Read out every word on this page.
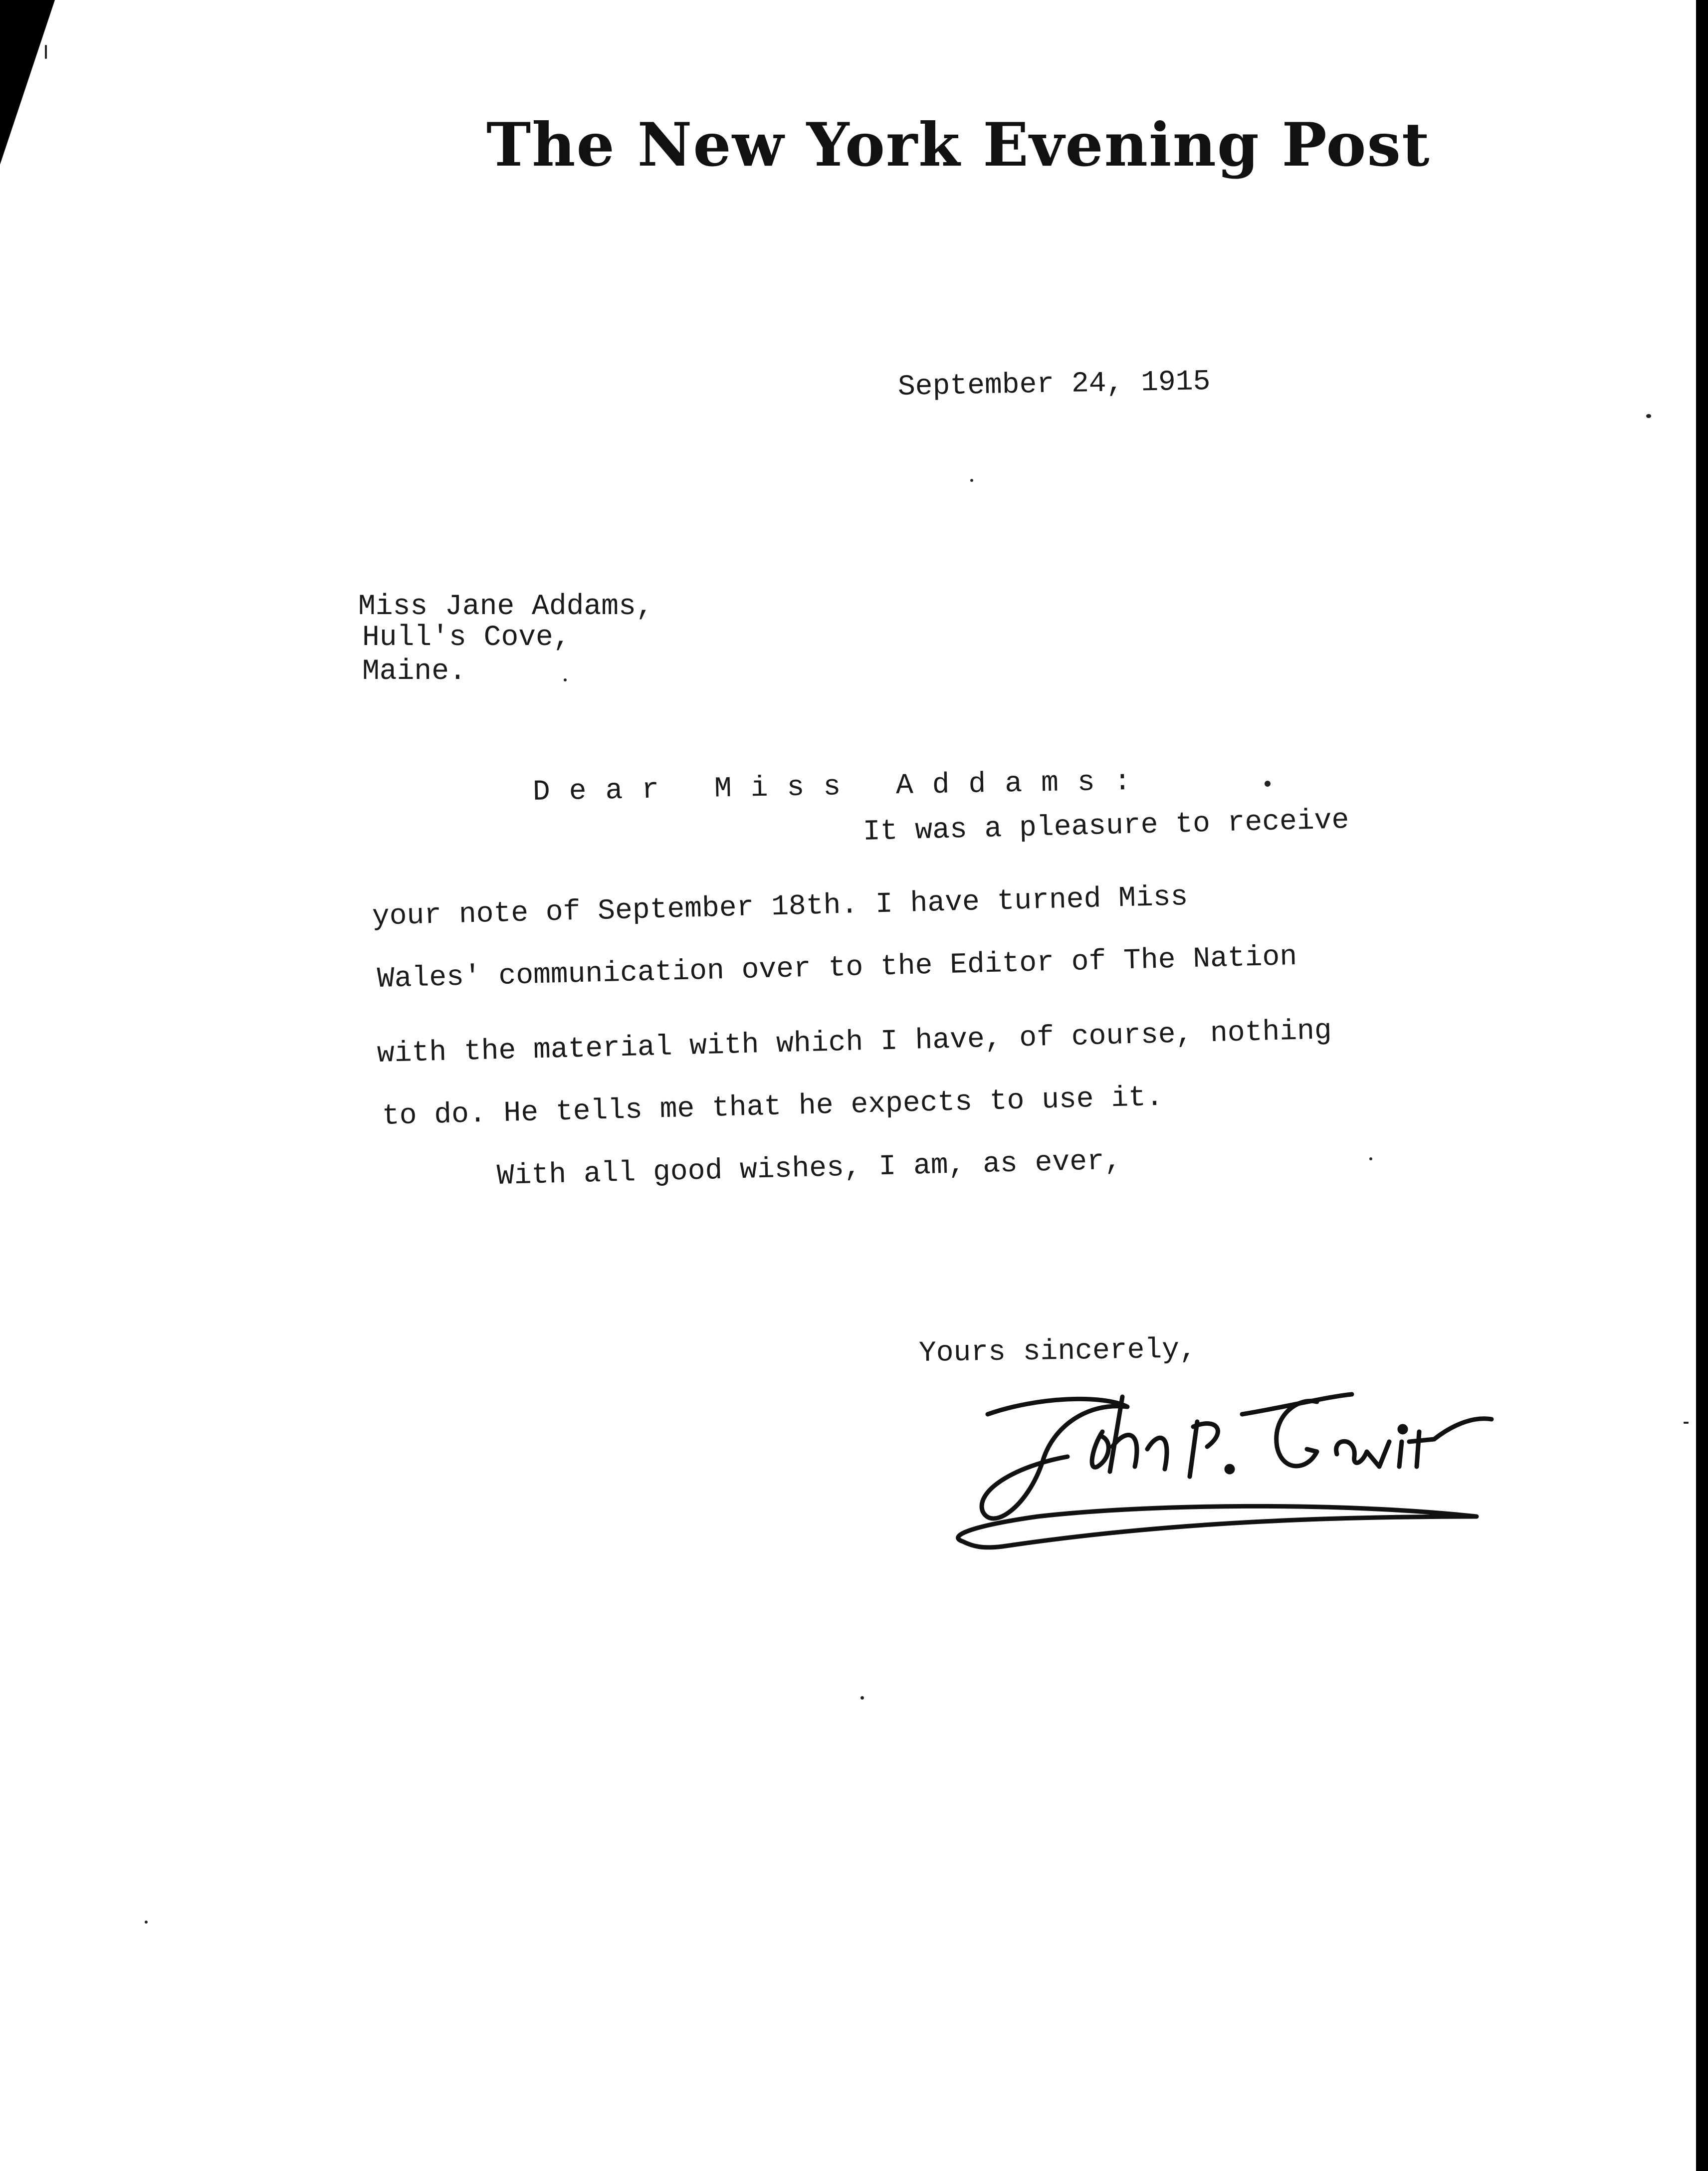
The New York Evening Post
September 24, 1915
Miss Jane Addams,
Hull's Cove,
Maine.
Dear Miss Addams:
It was a pleasure to receive
your note of September 18th. I have turned Miss
Wales' communication over to the Editor of The Nation
with the material with which I have, of course, nothing
to do. He tells me that he expects to use it.
With all good wishes, I am, as ever,
Yours sincerely,
